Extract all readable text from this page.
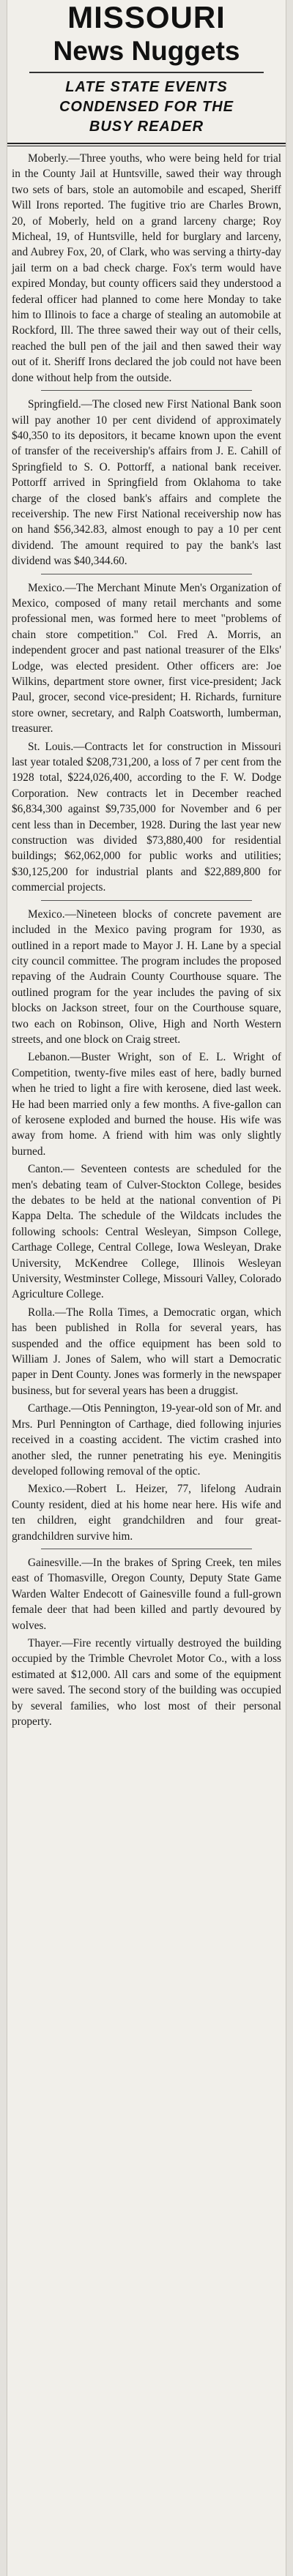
MISSOURI
News Nuggets
LATE STATE EVENTS
CONDENSED FOR THE
BUSY READER

Moberly.—Three youths, who were being held for trial in the County Jail at Huntsville, sawed their way through two sets of bars, stole an automobile and escaped, Sheriff Will Irons reported. The fugitive trio are Charles Brown, 20, of Moberly, held on a grand larceny charge; Roy Micheal, 19, of Huntsville, held for burglary and larceny, and Aubrey Fox, 20, of Clark, who was serving a thirty-day jail term on a bad check charge. Fox's term would have expired Monday, but county officers said they understood a federal officer had planned to come here Monday to take him to Illinois to face a charge of stealing an automobile at Rockford, Ill. The three sawed their way out of their cells, reached the bull pen of the jail and then sawed their way out of it. Sheriff Irons declared the job could not have been done without help from the outside.

Springfield.—The closed new First National Bank soon will pay another 10 per cent dividend of approximately $40,350 to its depositors, it became known upon the event of transfer of the receivership's affairs from J. E. Cahill of Springfield to S. O. Pottorff, a national bank receiver. Pottorff arrived in Springfield from Oklahoma to take charge of the closed bank's affairs and complete the receivership. The new First National receivership now has on hand $56,342.83, almost enough to pay a 10 per cent dividend. The amount required to pay the bank's last dividend was $40,344.60.

Mexico.—The Merchant Minute Men's Organization of Mexico, composed of many retail merchants and some professional men, was formed here to meet "problems of chain store competition." Col. Fred A. Morris, an independent grocer and past national treasurer of the Elks' Lodge, was elected president. Other officers are: Joe Wilkins, department store owner, first vice-president; Jack Paul, grocer, second vice-president; H. Richards, furniture store owner, secretary, and Ralph Coatsworth, lumberman, treasurer.

St. Louis.—Contracts let for construction in Missouri last year totaled $208,731,200, a loss of 7 per cent from the 1928 total, $224,026,400, according to the F. W. Dodge Corporation. New contracts let in December reached $6,834,300 against $9,735,000 for November and 6 per cent less than in December, 1928. During the last year new construction was divided $73,880,400 for residential buildings; $62,062,000 for public works and utilities; $30,125,200 for industrial plants and $22,889,800 for commercial projects.

Mexico.—Nineteen blocks of concrete pavement are included in the Mexico paving program for 1930, as outlined in a report made to Mayor J. H. Lane by a special city council committee. The program includes the proposed repaving of the Audrain County Courthouse square. The outlined program for the year includes the paving of six blocks on Jackson street, four on the Courthouse square, two each on Robinson, Olive, High and North Western streets, and one block on Craig street.

Lebanon.—Buster Wright, son of E. L. Wright of Competition, twenty-five miles east of here, badly burned when he tried to light a fire with kerosene, died last week. He had been married only a few months. A five-gallon can of kerosene exploded and burned the house. His wife was away from home. A friend with him was only slightly burned.

Canton.— Seventeen contests are scheduled for the men's debating team of Culver-Stockton College, besides the debates to be held at the national convention of Pi Kappa Delta. The schedule of the Wildcats includes the following schools: Central Wesleyan, Simpson College, Carthage College, Central College, Iowa Wesleyan, Drake University, McKendree College, Illinois Wesleyan University, Westminster College, Missouri Valley, Colorado Agriculture College.

Rolla.—The Rolla Times, a Democratic organ, which has been published in Rolla for several years, has suspended and the office equipment has been sold to William J. Jones of Salem, who will start a Democratic paper in Dent County. Jones was formerly in the newspaper business, but for several years has been a druggist.

Carthage.—Otis Pennington, 19-year-old son of Mr. and Mrs. Purl Pennington of Carthage, died following injuries received in a coasting accident. The victim crashed into another sled, the runner penetrating his eye. Meningitis developed following removal of the optic.

Mexico.—Robert L. Heizer, 77, lifelong Audrain County resident, died at his home near here. His wife and ten children, eight grandchildren and four great-grandchildren survive him.

Gainesville.—In the brakes of Spring Creek, ten miles east of Thomasville, Oregon County, Deputy State Game Warden Walter Endecott of Gainesville found a full-grown female deer that had been killed and partly devoured by wolves.

Thayer.—Fire recently virtually destroyed the building occupied by the Trimble Chevrolet Motor Co., with a loss estimated at $12,000. All cars and some of the equipment were saved. The second story of the building was occupied by several families, who lost most of their personal property.
